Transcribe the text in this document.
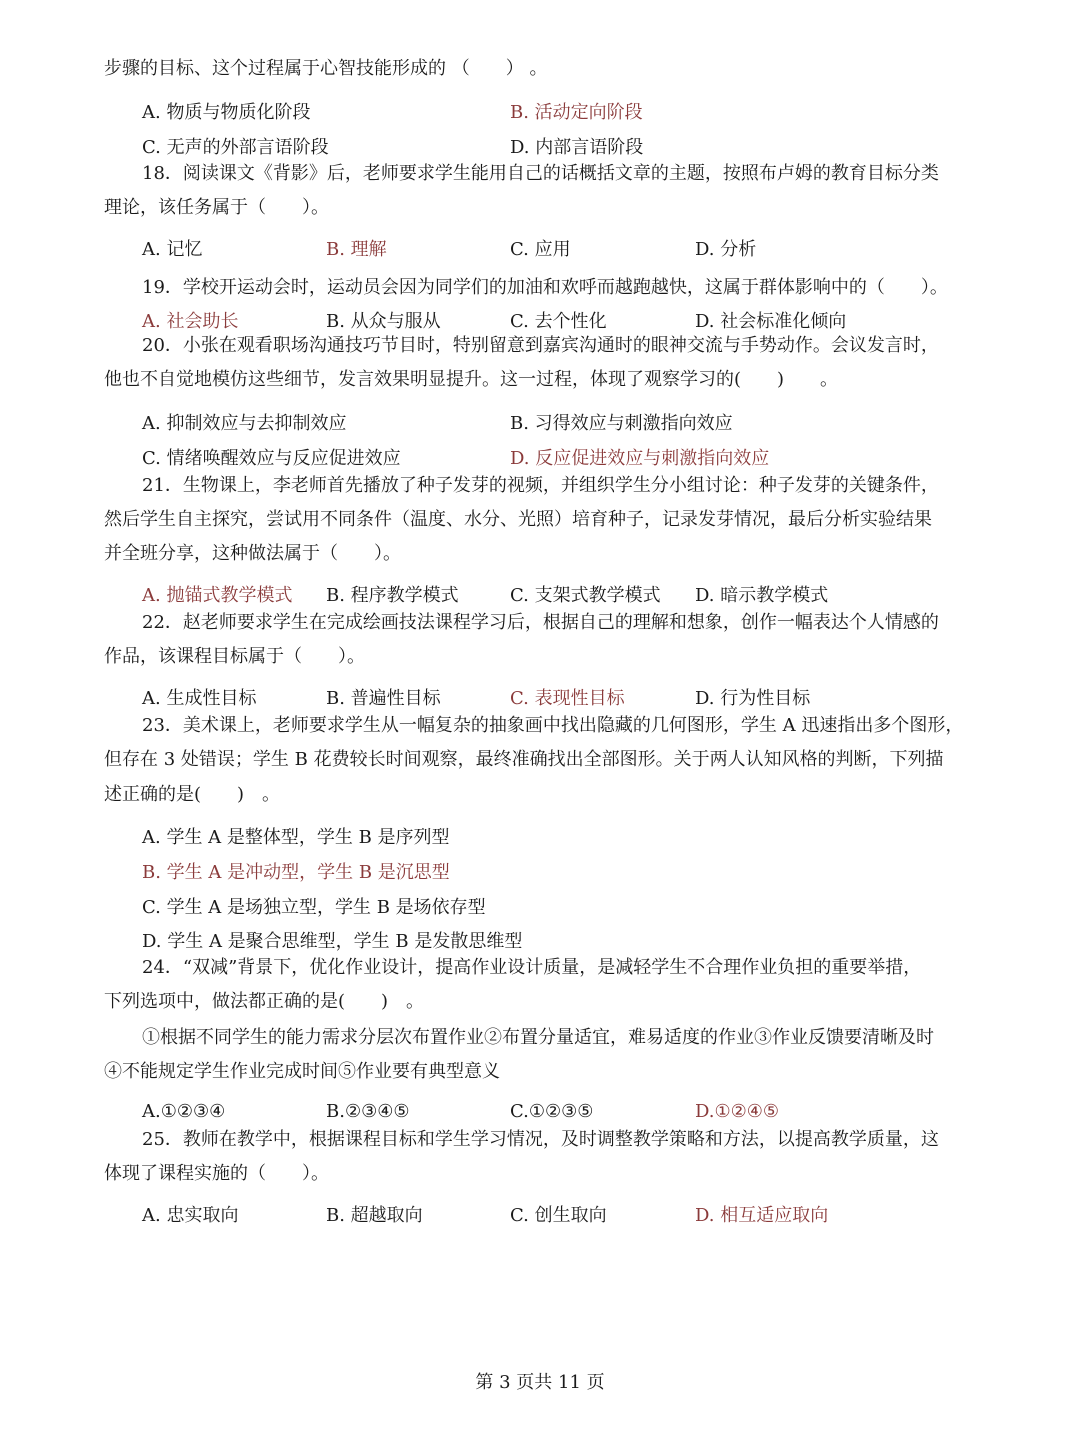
步骤的目标、这个过程属于心智技能形成的 （　　） 。
A. 物质与物质化阶段	B. 活动定向阶段
C. 无声的外部言语阶段	D. 内部言语阶段
18．阅读课文《背影》后，老师要求学生能用自己的话概括文章的主题，按照布卢姆的教育目标分类
理论，该任务属于（　　）。
A. 记忆	B. 理解	C. 应用	D. 分析
19．学校开运动会时，运动员会因为同学们的加油和欢呼而越跑越快，这属于群体影响中的（　　）。
A. 社会助长	B. 从众与服从	C. 去个性化	D. 社会标准化倾向
20．小张在观看职场沟通技巧节目时，特别留意到嘉宾沟通时的眼神交流与手势动作。会议发言时，
他也不自觉地模仿这些细节，发言效果明显提升。这一过程，体现了观察学习的(　　)　　。
A. 抑制效应与去抑制效应	B. 习得效应与刺激指向效应
C. 情绪唤醒效应与反应促进效应	D. 反应促进效应与刺激指向效应
21．生物课上，李老师首先播放了种子发芽的视频，并组织学生分小组讨论：种子发芽的关键条件，
然后学生自主探究，尝试用不同条件（温度、水分、光照）培育种子，记录发芽情况，最后分析实验结果
并全班分享，这种做法属于（　　）。
A. 抛锚式教学模式 B. 程序教学模式	C. 支架式教学模式 D. 暗示教学模式
22．赵老师要求学生在完成绘画技法课程学习后，根据自己的理解和想象，创作一幅表达个人情感的
作品，该课程目标属于（　　）。
A. 生成性目标	B. 普遍性目标	C. 表现性目标	D. 行为性目标
23．美术课上，老师要求学生从一幅复杂的抽象画中找出隐藏的几何图形，学生 A 迅速指出多个图形，
但存在 3 处错误；学生 B 花费较长时间观察，最终准确找出全部图形。关于两人认知风格的判断，下列描
述正确的是(　　)　。
A. 学生 A 是整体型，学生 B 是序列型
B. 学生 A 是冲动型，学生 B 是沉思型
C. 学生 A 是场独立型，学生 B 是场依存型
D. 学生 A 是聚合思维型，学生 B 是发散思维型
24．“双减”背景下，优化作业设计，提高作业设计质量，是减轻学生不合理作业负担的重要举措，
下列选项中，做法都正确的是(　　)　。
①根据不同学生的能力需求分层次布置作业②布置分量适宜，难易适度的作业③作业反馈要清晰及时
④不能规定学生作业完成时间⑤作业要有典型意义
A.①②③④	B.②③④⑤	C.①②③⑤	D.①②④⑤
25．教师在教学中，根据课程目标和学生学习情况，及时调整教学策略和方法，以提高教学质量，这
体现了课程实施的（　　）。
A. 忠实取向	B. 超越取向	C. 创生取向	D. 相互适应取向
第 3 页共 11 页
